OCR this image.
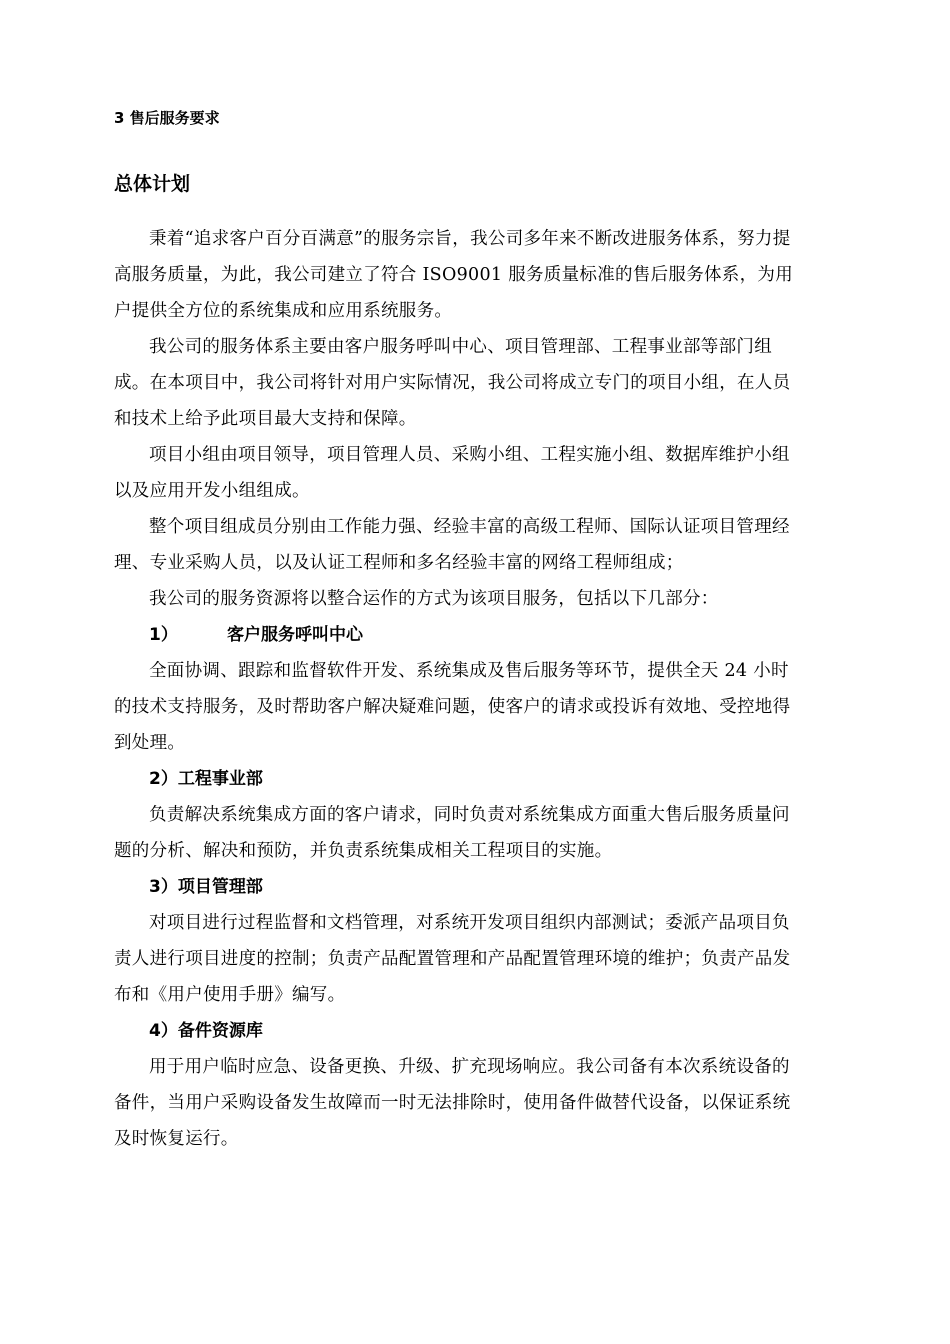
3 售后服务要求
总体计划

秉着“追求客户百分百满意”的服务宗旨，我公司多年来不断改进服务体系，努力提高服务质量，为此，我公司建立了符合 ISO9001 服务质量标准的售后服务体系，为用户提供全方位的系统集成和应用系统服务。

我公司的服务体系主要由客户服务呼叫中心、项目管理部、工程事业部等部门组成。在本项目中，我公司将针对用户实际情况，我公司将成立专门的项目小组，在人员和技术上给予此项目最大支持和保障。

项目小组由项目领导，项目管理人员、采购小组、工程实施小组、数据库维护小组以及应用开发小组组成。

整个项目组成员分别由工作能力强、经验丰富的高级工程师、国际认证项目管理经理、专业采购人员，以及认证工程师和多名经验丰富的网络工程师组成；

我公司的服务资源将以整合运作的方式为该项目服务，包括以下几部分：

1）	客户服务呼叫中心

全面协调、跟踪和监督软件开发、系统集成及售后服务等环节，提供全天 24 小时的技术支持服务，及时帮助客户解决疑难问题，使客户的请求或投诉有效地、受控地得到处理。

2）工程事业部

负责解决系统集成方面的客户请求，同时负责对系统集成方面重大售后服务质量问题的分析、解决和预防，并负责系统集成相关工程项目的实施。

3）项目管理部

对项目进行过程监督和文档管理，对系统开发项目组织内部测试；委派产品项目负责人进行项目进度的控制；负责产品配置管理和产品配置管理环境的维护；负责产品发布和《用户使用手册》编写。

4）备件资源库

用于用户临时应急、设备更换、升级、扩充现场响应。我公司备有本次系统设备的备件，当用户采购设备发生故障而一时无法排除时，使用备件做替代设备，以保证系统及时恢复运行。
